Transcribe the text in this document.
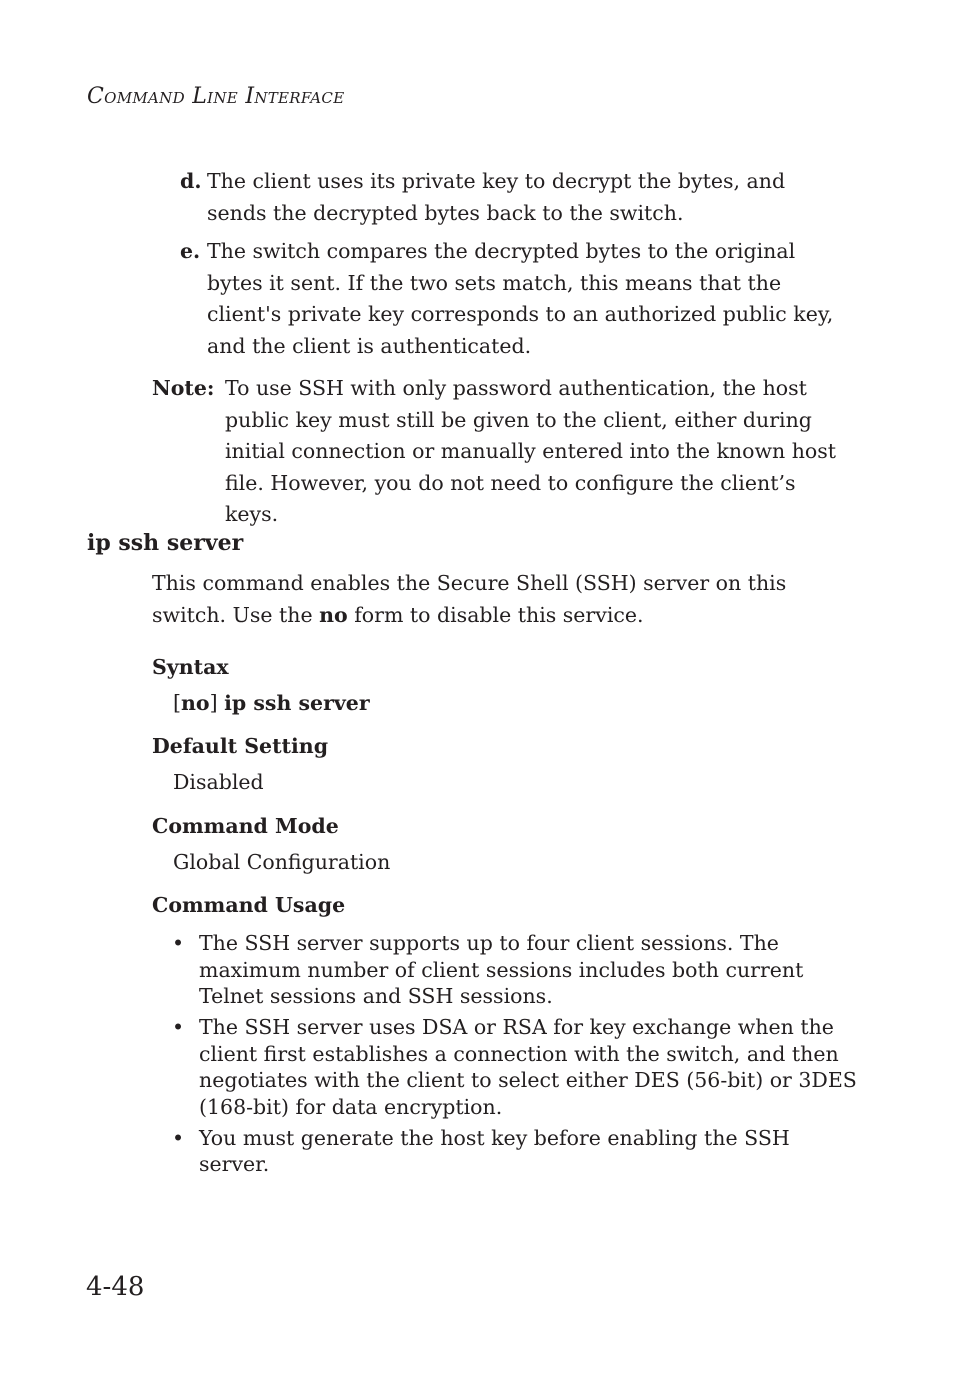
Command Line Interface
d. The client uses its private key to decrypt the bytes, and sends the decrypted bytes back to the switch.
e. The switch compares the decrypted bytes to the original bytes it sent. If the two sets match, this means that the client's private key corresponds to an authorized public key, and the client is authenticated.
Note: To use SSH with only password authentication, the host public key must still be given to the client, either during initial connection or manually entered into the known host file. However, you do not need to configure the client’s keys.
ip ssh server
This command enables the Secure Shell (SSH) server on this switch. Use the no form to disable this service.
Syntax
[no] ip ssh server
Default Setting
Disabled
Command Mode
Global Configuration
Command Usage
• The SSH server supports up to four client sessions. The maximum number of client sessions includes both current Telnet sessions and SSH sessions.
• The SSH server uses DSA or RSA for key exchange when the client first establishes a connection with the switch, and then negotiates with the client to select either DES (56-bit) or 3DES (168-bit) for data encryption.
• You must generate the host key before enabling the SSH server.
4-48
